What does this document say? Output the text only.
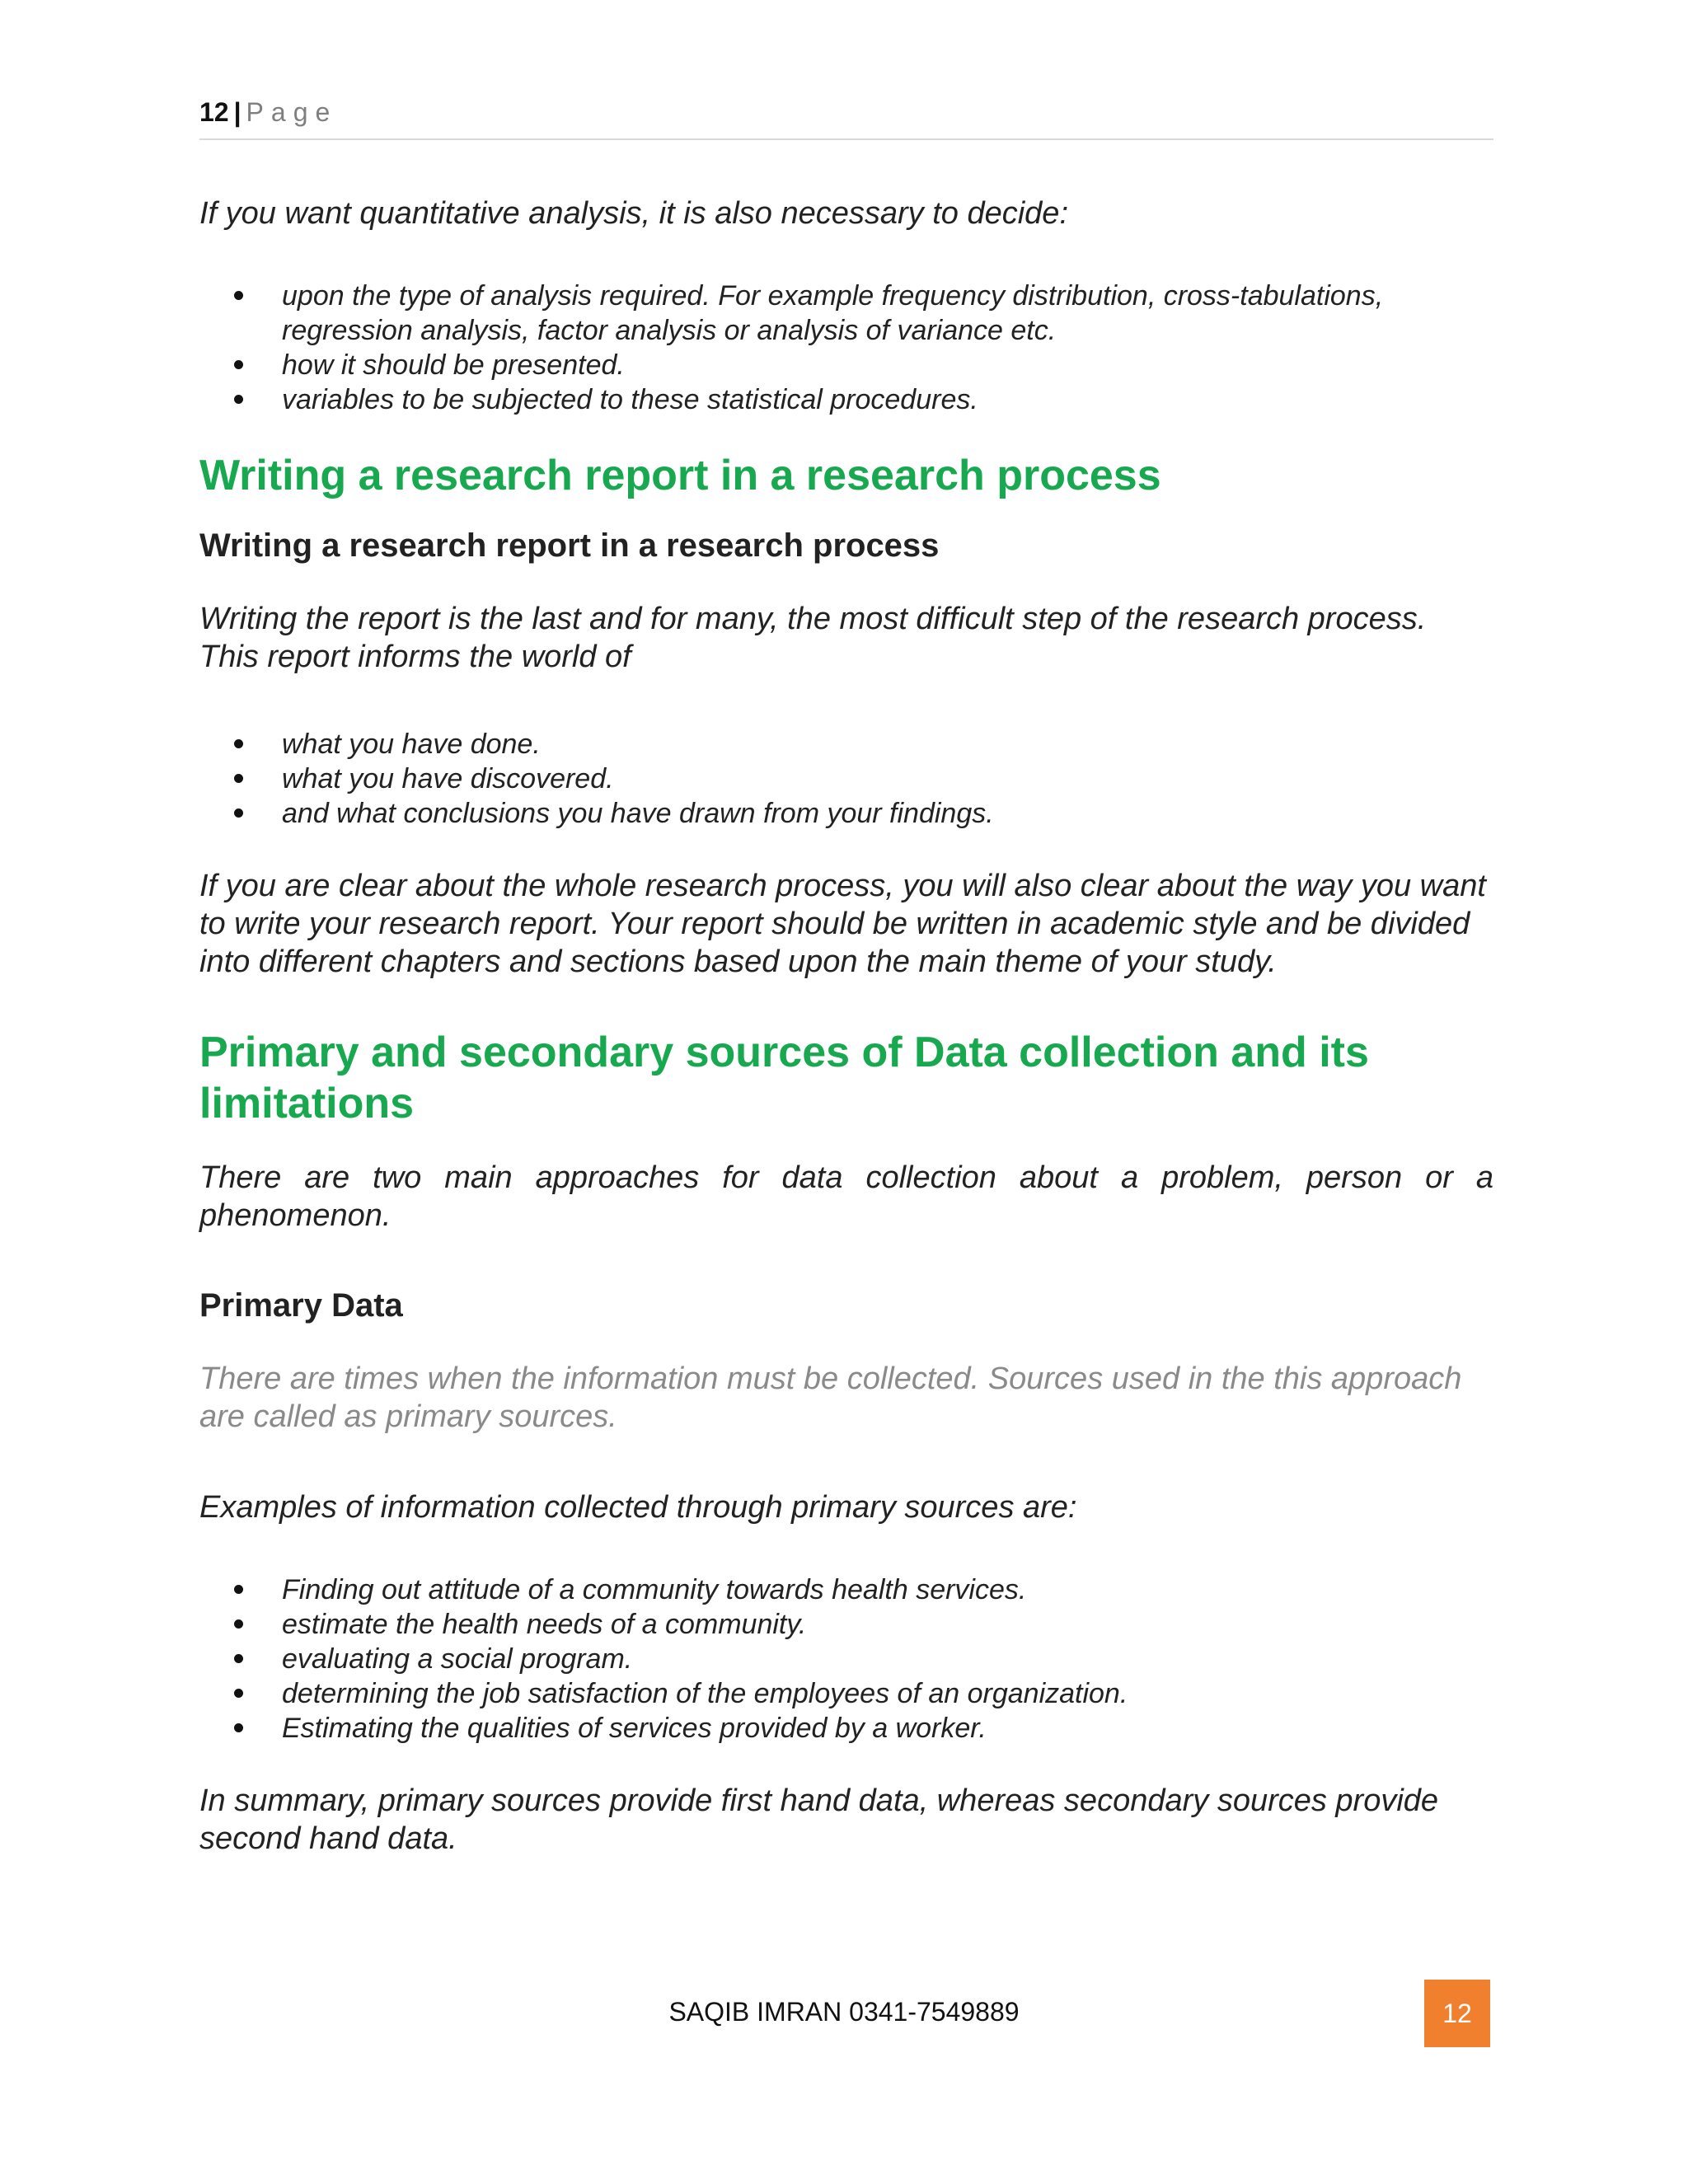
12 | Page

If you want quantitative analysis, it is also necessary to decide:

upon the type of analysis required. For example frequency distribution, cross-tabulations, regression analysis, factor analysis or analysis of variance etc.
how it should be presented.
variables to be subjected to these statistical procedures.
Writing a research report in a research process
Writing a research report in a research process

Writing the report is the last and for many, the most difficult step of the research process. This report informs the world of

what you have done.
what you have discovered.
and what conclusions you have drawn from your findings.

If you are clear about the whole research process, you will also clear about the way you want to write your research report. Your report should be written in academic style and be divided into different chapters and sections based upon the main theme of your study.

Primary and secondary sources of Data collection and its limitations

There are two main approaches for data collection about a problem, person or a phenomenon.

Primary Data

There are times when the information must be collected. Sources used in the this approach are called as primary sources.

Examples of information collected through primary sources are:

Finding out attitude of a community towards health services.
estimate the health needs of a community.
evaluating a social program.
determining the job satisfaction of the employees of an organization.
Estimating the qualities of services provided by a worker.

In summary, primary sources provide first hand data, whereas secondary sources provide second hand data.

SAQIB IMRAN 0341-7549889	12
